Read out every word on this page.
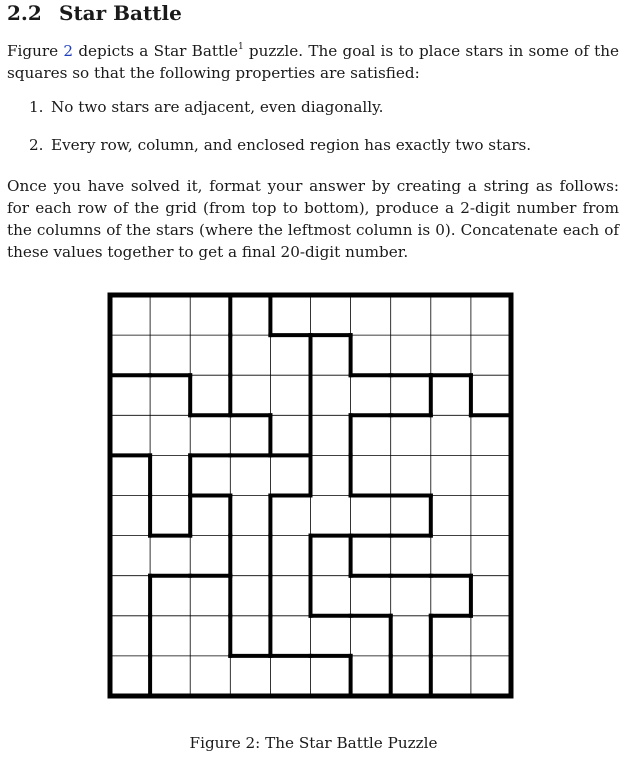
2.2 Star Battle

Figure 2 depicts a Star Battle$^1$ puzzle. The goal is to place stars in some of the squares so that the following properties are satisfied:

1. No two stars are adjacent, even diagonally.
2. Every row, column, and enclosed region has exactly two stars.

Once you have solved it, format your answer by creating a string as follows: for each row of the grid (from top to bottom), produce a 2-digit number from the columns of the stars (where the leftmost column is 0). Concatenate each of these values together to get a final 20-digit number.

Figure 2: The Star Battle Puzzle
